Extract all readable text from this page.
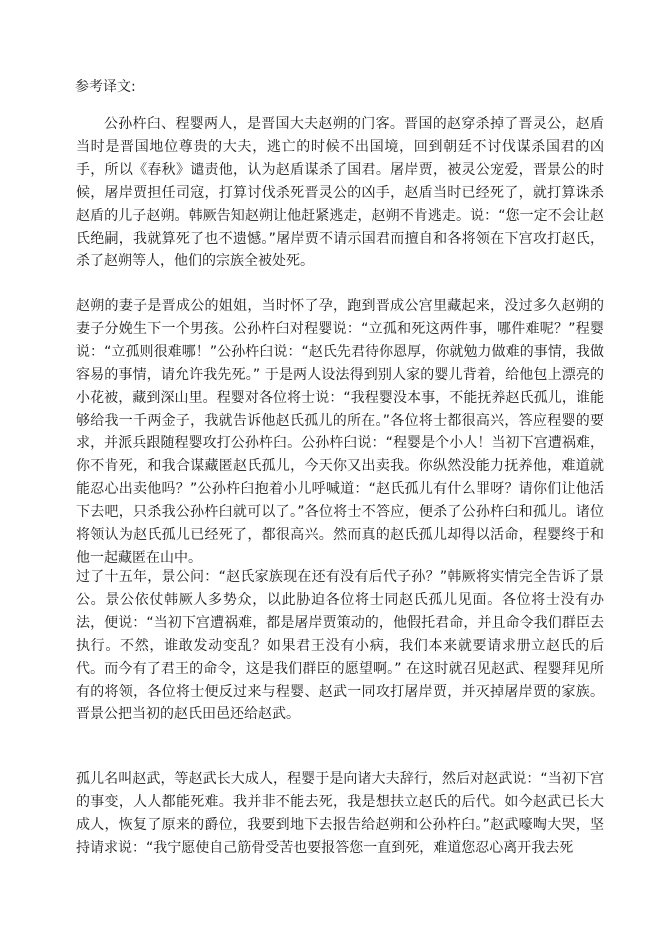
参考译文:

公孙杵臼、程婴两人，是晋国大夫赵朔的门客。晋国的赵穿杀掉了晋灵公，赵盾当时是晋国地位尊贵的大夫，逃亡的时候不出国境，回到朝廷不讨伐谋杀国君的凶手，所以《春秋》谴责他，认为赵盾谋杀了国君。屠岸贾，被灵公宠爱，晋景公的时候，屠岸贾担任司寇，打算讨伐杀死晋灵公的凶手，赵盾当时已经死了，就打算诛杀赵盾的儿子赵朔。韩厥告知赵朔让他赶紧逃走，赵朔不肯逃走。说：“您一定不会让赵氏绝嗣，我就算死了也不遗憾。”屠岸贾不请示国君而擅自和各将领在下宫攻打赵氏，杀了赵朔等人，他们的宗族全被处死。

赵朔的妻子是晋成公的姐姐，当时怀了孕，跑到晋成公宫里藏起来，没过多久赵朔的妻子分娩生下一个男孩。公孙杵臼对程婴说：“立孤和死这两件事，哪件难呢？”程婴说：“立孤则很难哪！”公孙杵臼说：“赵氏先君待你恩厚，你就勉力做难的事情，我做容易的事情，请允许我先死。” 于是两人设法得到别人家的婴儿背着，给他包上漂亮的小花被，藏到深山里。程婴对各位将士说：“我程婴没本事，不能抚养赵氏孤儿，谁能够给我一千两金子，我就告诉他赵氏孤儿的所在。”各位将士都很高兴，答应程婴的要求，并派兵跟随程婴攻打公孙杵臼。公孙杵臼说：“程婴是个小人！当初下宫遭祸难，你不肯死，和我合谋藏匿赵氏孤儿，今天你又出卖我。你纵然没能力抚养他，难道就能忍心出卖他吗？”公孙杵臼抱着小儿呼喊道：“赵氏孤儿有什么罪呀？请你们让他活下去吧，只杀我公孙杵臼就可以了。”各位将士不答应，便杀了公孙杵臼和孤儿。诸位将领认为赵氏孤儿已经死了，都很高兴。然而真的赵氏孤儿却得以活命，程婴终于和他一起藏匿在山中。

过了十五年，景公问：“赵氏家族现在还有没有后代子孙？”韩厥将实情完全告诉了景公。景公依仗韩厥人多势众，以此胁迫各位将士同赵氏孤儿见面。各位将士没有办法，便说：“当初下宫遭祸难，都是屠岸贾策动的，他假托君命，并且命令我们群臣去执行。不然，谁敢发动变乱？如果君王没有小病，我们本来就要请求册立赵氏的后代。而今有了君王的命令，这是我们群臣的愿望啊。” 在这时就召见赵武、程婴拜见所有的将领，各位将士便反过来与程婴、赵武一同攻打屠岸贾，并灭掉屠岸贾的家族。晋景公把当初的赵氏田邑还给赵武。

孤儿名叫赵武，等赵武长大成人，程婴于是向诸大夫辞行，然后对赵武说：“当初下宫的事变，人人都能死难。我并非不能去死，我是想扶立赵氏的后代。如今赵武已长大成人，恢复了原来的爵位，我要到地下去报告给赵朔和公孙杵臼。”赵武嚎啕大哭，坚持请求说：“我宁愿使自己筋骨受苦也要报答您一直到死，难道您忍心离开我去死
